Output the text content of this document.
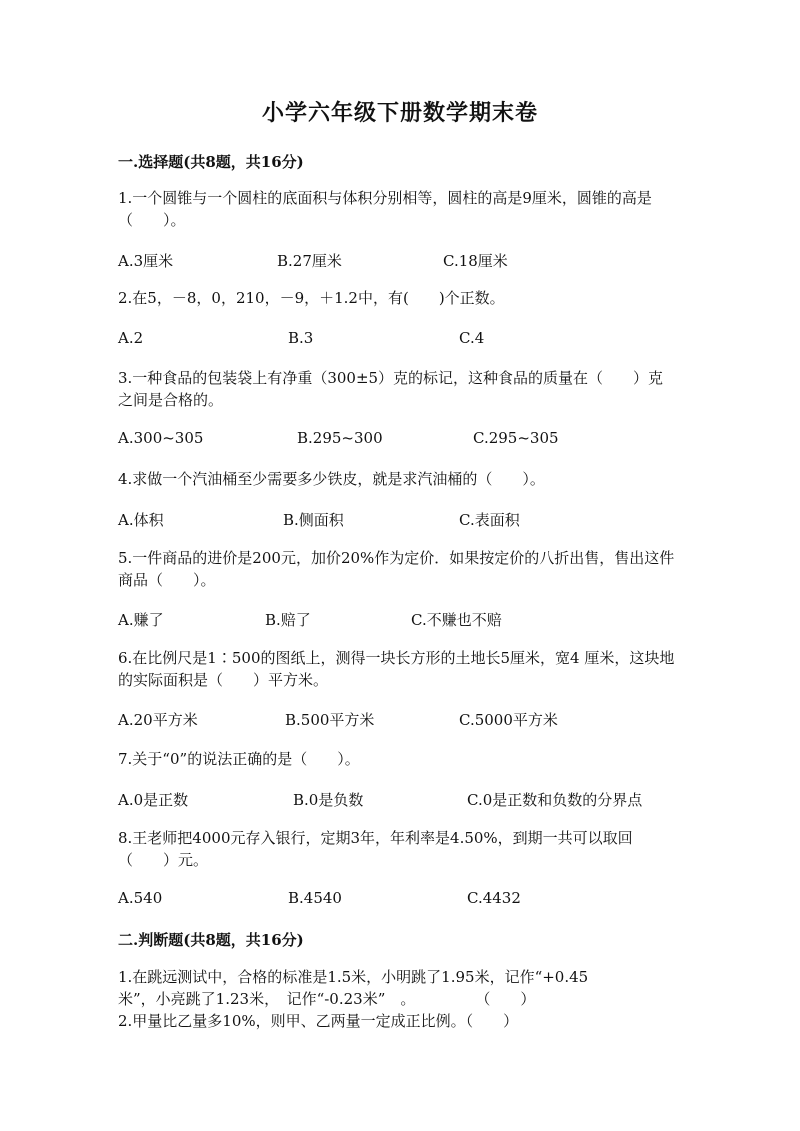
小学六年级下册数学期末卷
一.选择题(共8题，共16分)
1.一个圆锥与一个圆柱的底面积与体积分别相等，圆柱的高是9厘米，圆锥的高是（　　）。
A.3厘米	B.27厘米	C.18厘米
2.在5，－8，0，210，－9，＋1.2中，有(　　)个正数。
A.2	B.3	C.4
3.一种食品的包装袋上有净重（300±5）克的标记，这种食品的质量在（　　）克之间是合格的。
A.300~305	B.295~300	C.295~305
4.求做一个汽油桶至少需要多少铁皮，就是求汽油桶的（　　）。
A.体积	B.侧面积	C.表面积
5.一件商品的进价是200元，加价20%作为定价．如果按定价的八折出售，售出这件商品（　　）。
A.赚了	B.赔了	C.不赚也不赔
6.在比例尺是1∶500的图纸上，测得一块长方形的土地长5厘米，宽4 厘米，这块地的实际面积是（　　）平方米。
A.20平方米	B.500平方米	C.5000平方米
7.关于“0”的说法正确的是（　　）。
A.0是正数	B.0是负数	C.0是正数和负数的分界点
8.王老师把4000元存入银行，定期3年，年利率是4.50%，到期一共可以取回（　　）元。
A.540	B.4540	C.4432
二.判断题(共8题，共16分)
1.在跳远测试中，合格的标准是1.5米，小明跳了1.95米，记作“+0.45
米”，小亮跳了1.23米，　记作“-0.23米”　。　　　　　（　　）
2.甲量比乙量多10%，则甲、乙两量一定成正比例。（　　）
